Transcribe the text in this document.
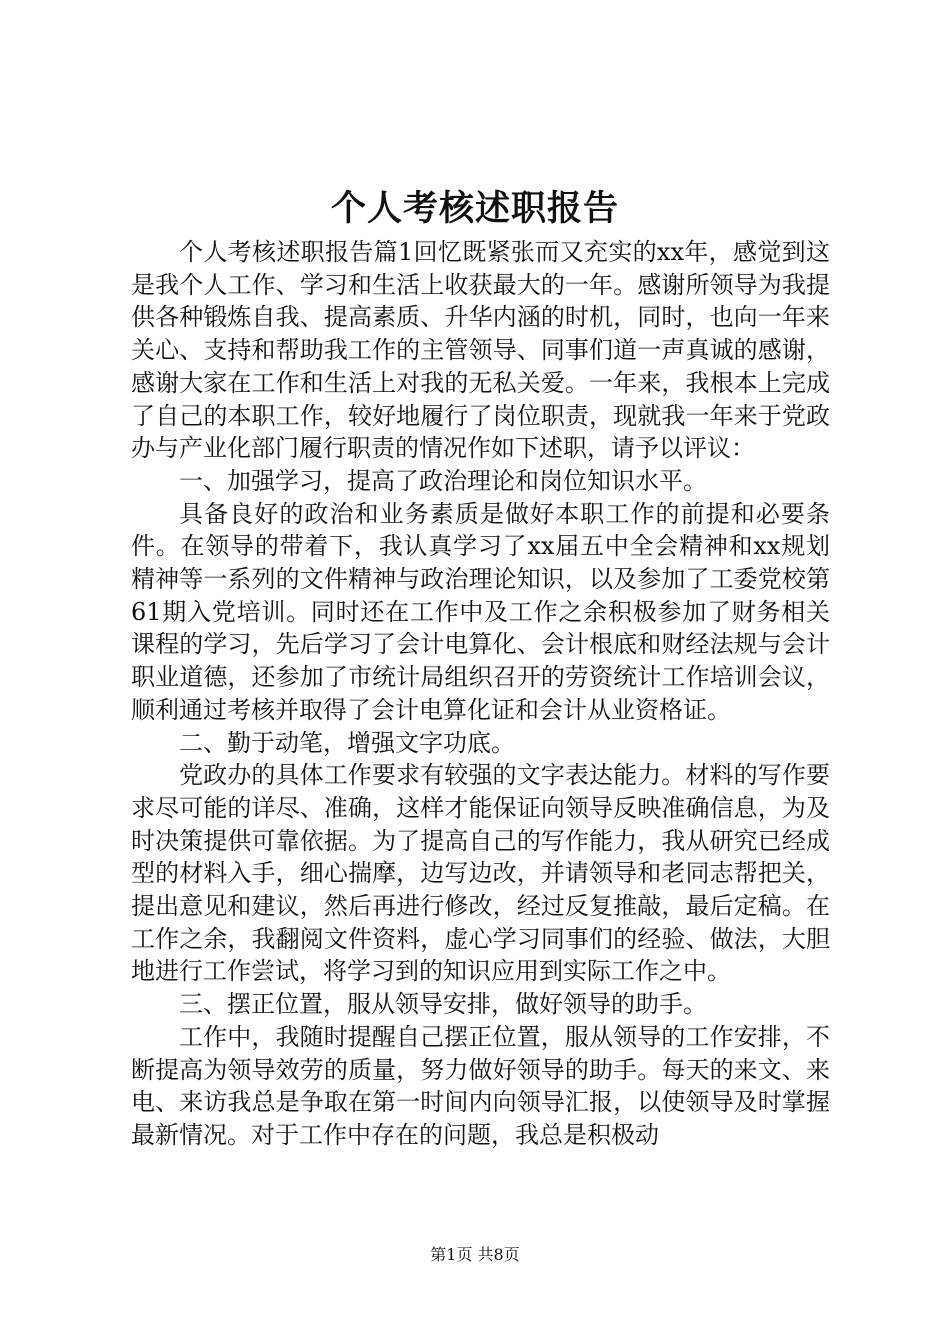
个人考核述职报告

个人考核述职报告篇1回忆既紧张而又充实的xx年，感觉到这是我个人工作、学习和生活上收获最大的一年。感谢所领导为我提供各种锻炼自我、提高素质、升华内涵的时机，同时，也向一年来关心、支持和帮助我工作的主管领导、同事们道一声真诚的感谢，感谢大家在工作和生活上对我的无私关爱。一年来，我根本上完成了自己的本职工作，较好地履行了岗位职责，现就我一年来于党政办与产业化部门履行职责的情况作如下述职，请予以评议：

一、加强学习，提高了政治理论和岗位知识水平。

具备良好的政治和业务素质是做好本职工作的前提和必要条件。在领导的带着下，我认真学习了xx届五中全会精神和xx规划精神等一系列的文件精神与政治理论知识，以及参加了工委党校第61期入党培训。同时还在工作中及工作之余积极参加了财务相关课程的学习，先后学习了会计电算化、会计根底和财经法规与会计职业道德，还参加了市统计局组织召开的劳资统计工作培训会议，顺利通过考核并取得了会计电算化证和会计从业资格证。

二、勤于动笔，增强文字功底。

党政办的具体工作要求有较强的文字表达能力。材料的写作要求尽可能的详尽、准确，这样才能保证向领导反映准确信息，为及时决策提供可靠依据。为了提高自己的写作能力，我从研究已经成型的材料入手，细心揣摩，边写边改，并请领导和老同志帮把关，提出意见和建议，然后再进行修改，经过反复推敲，最后定稿。在工作之余，我翻阅文件资料，虚心学习同事们的经验、做法，大胆地进行工作尝试，将学习到的知识应用到实际工作之中。

三、摆正位置，服从领导安排，做好领导的助手。

工作中，我随时提醒自己摆正位置，服从领导的工作安排，不断提高为领导效劳的质量，努力做好领导的助手。每天的来文、来电、来访我总是争取在第一时间内向领导汇报，以使领导及时掌握最新情况。对于工作中存在的问题，我总是积极动

第1页 共8页
